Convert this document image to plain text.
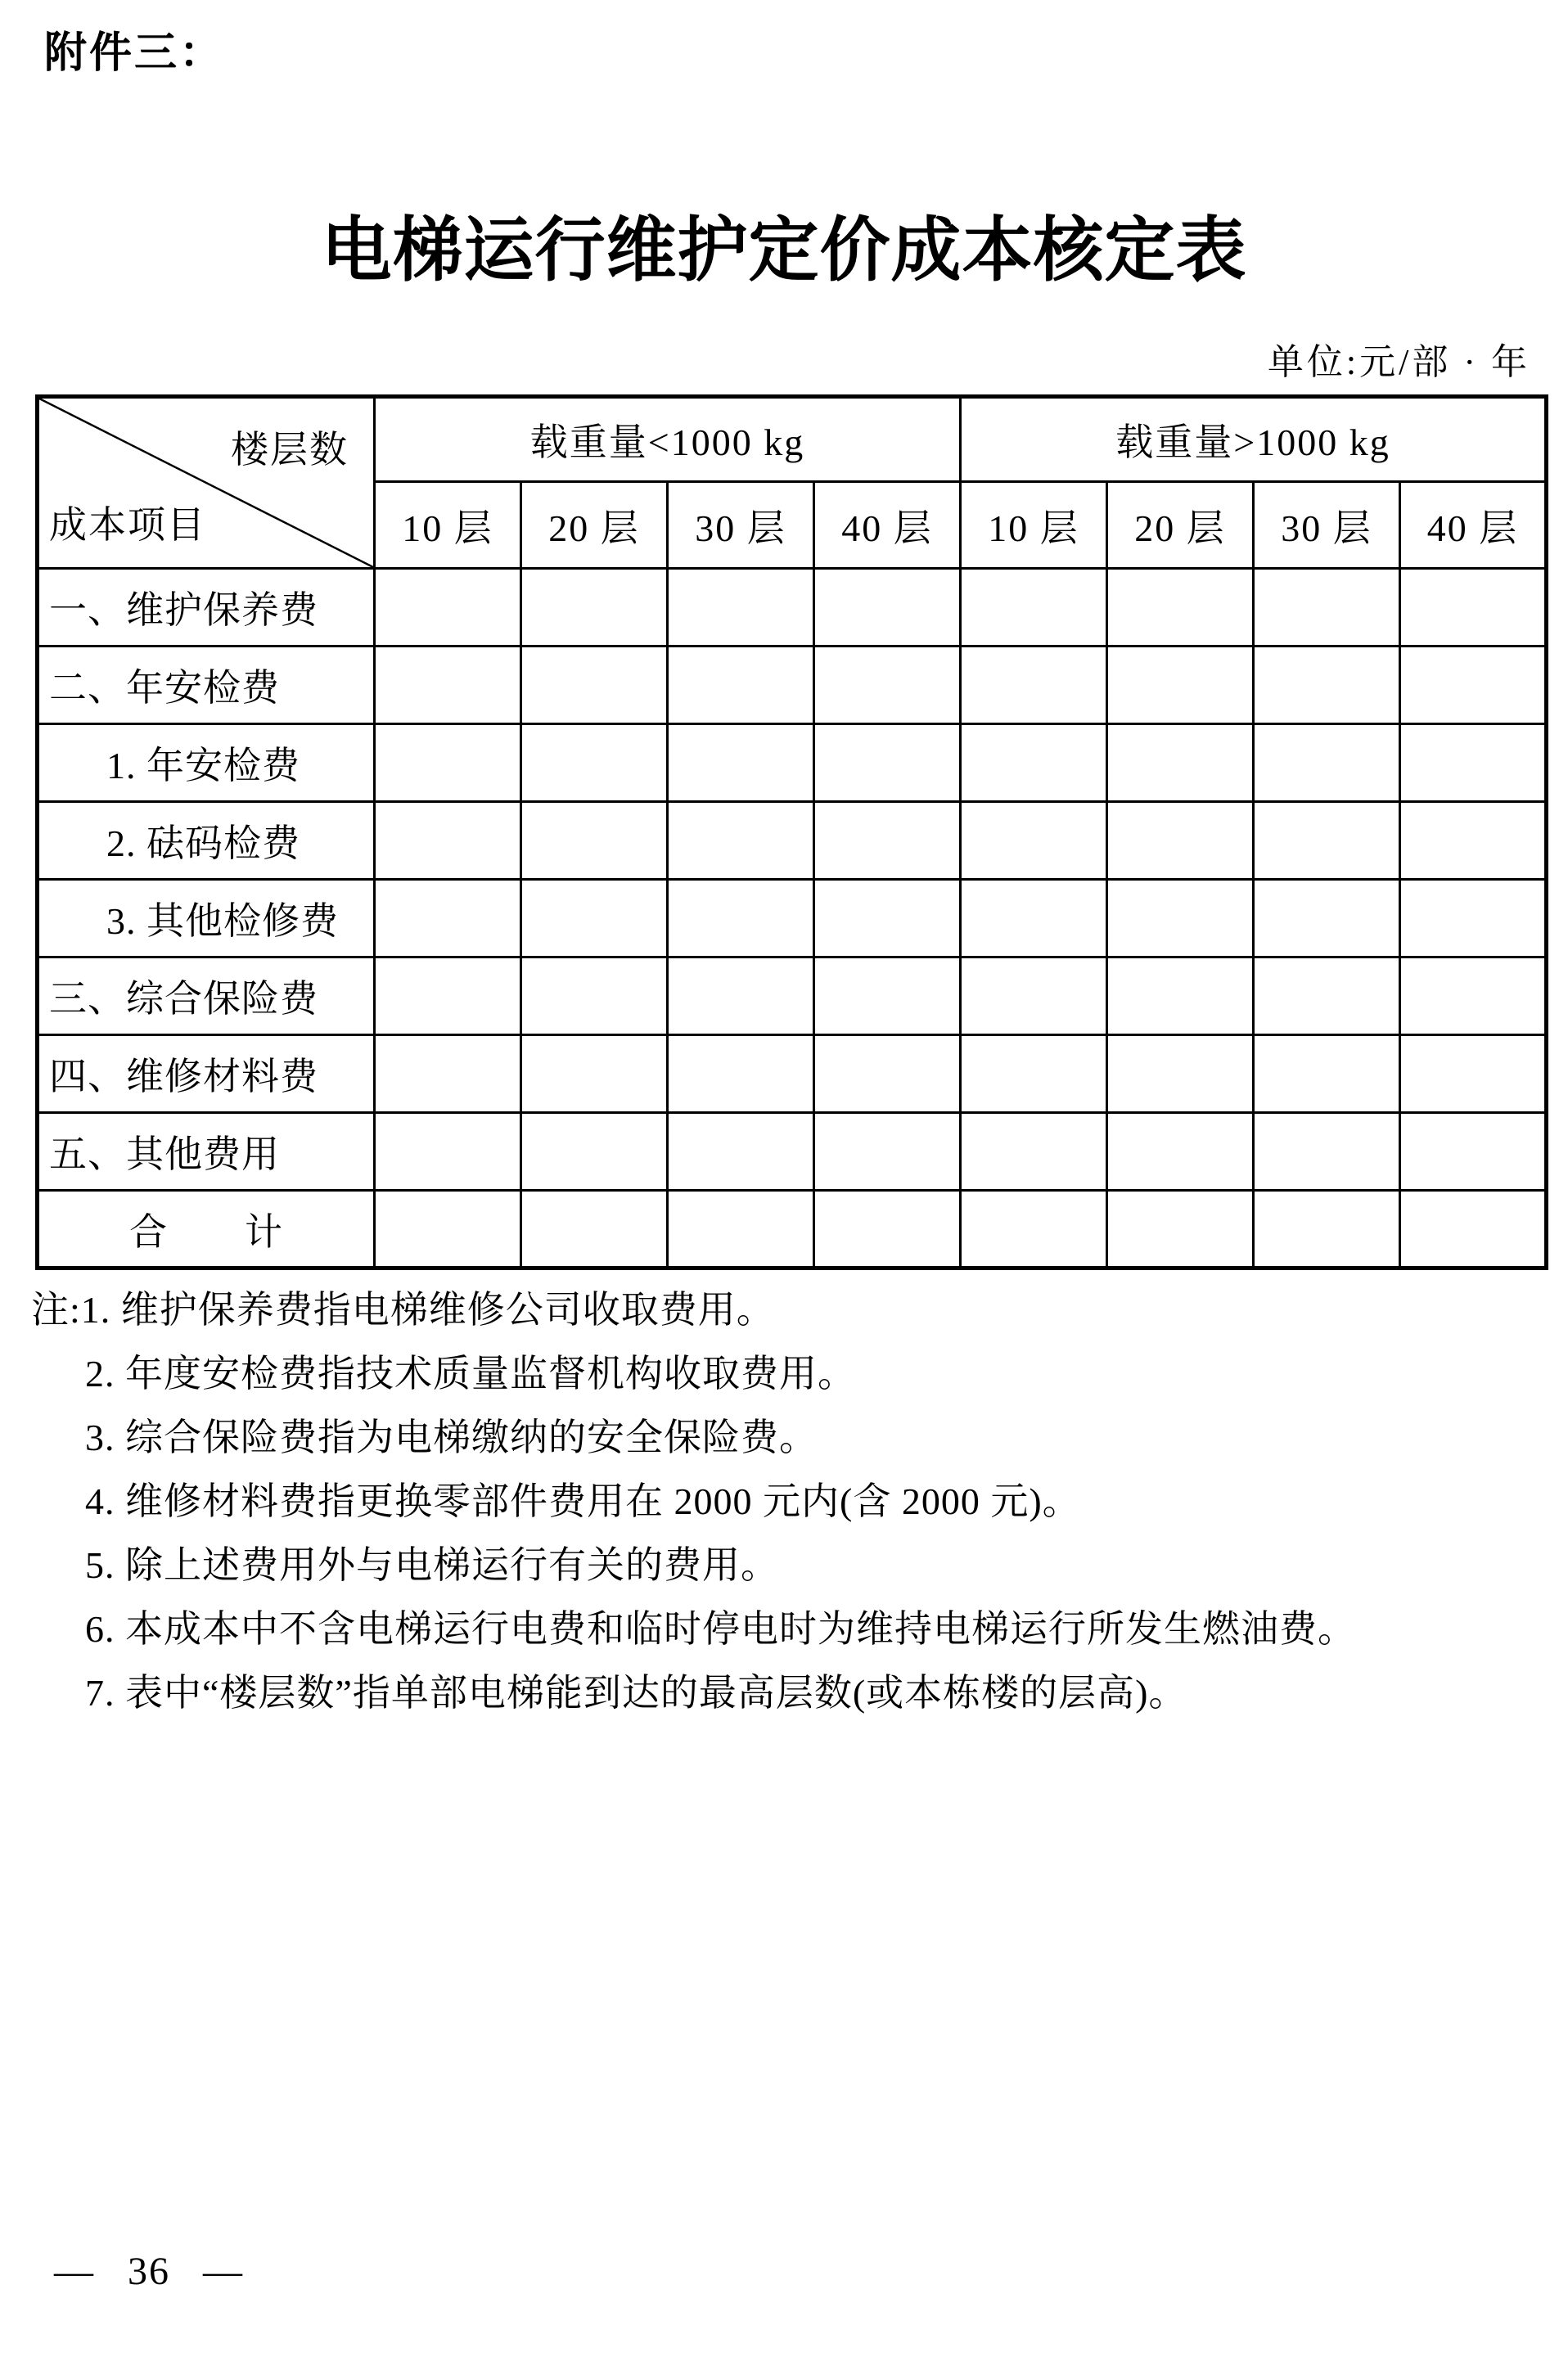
附件三：
电梯运行维护定价成本核定表
单位:元/部 · 年
楼层数
成本项目	载重量<1000 kg				载重量>1000 kg			
	10 层	20 层	30 层	40 层	10 层	20 层	30 层	40 层
一、维护保养费								
二、年安检费								
1. 年安检费								
2. 砝码检费								
3. 其他检修费								
三、综合保险费								
四、维修材料费								
五、其他费用								
合　　计								
注:1. 维护保养费指电梯维修公司收取费用。
2. 年度安检费指技术质量监督机构收取费用。
3. 综合保险费指为电梯缴纳的安全保险费。
4. 维修材料费指更换零部件费用在 2000 元内(含 2000 元)。
5. 除上述费用外与电梯运行有关的费用。
6. 本成本中不含电梯运行电费和临时停电时为维持电梯运行所发生燃油费。
7. 表中“楼层数”指单部电梯能到达的最高层数(或本栋楼的层高)。
— 36 —
